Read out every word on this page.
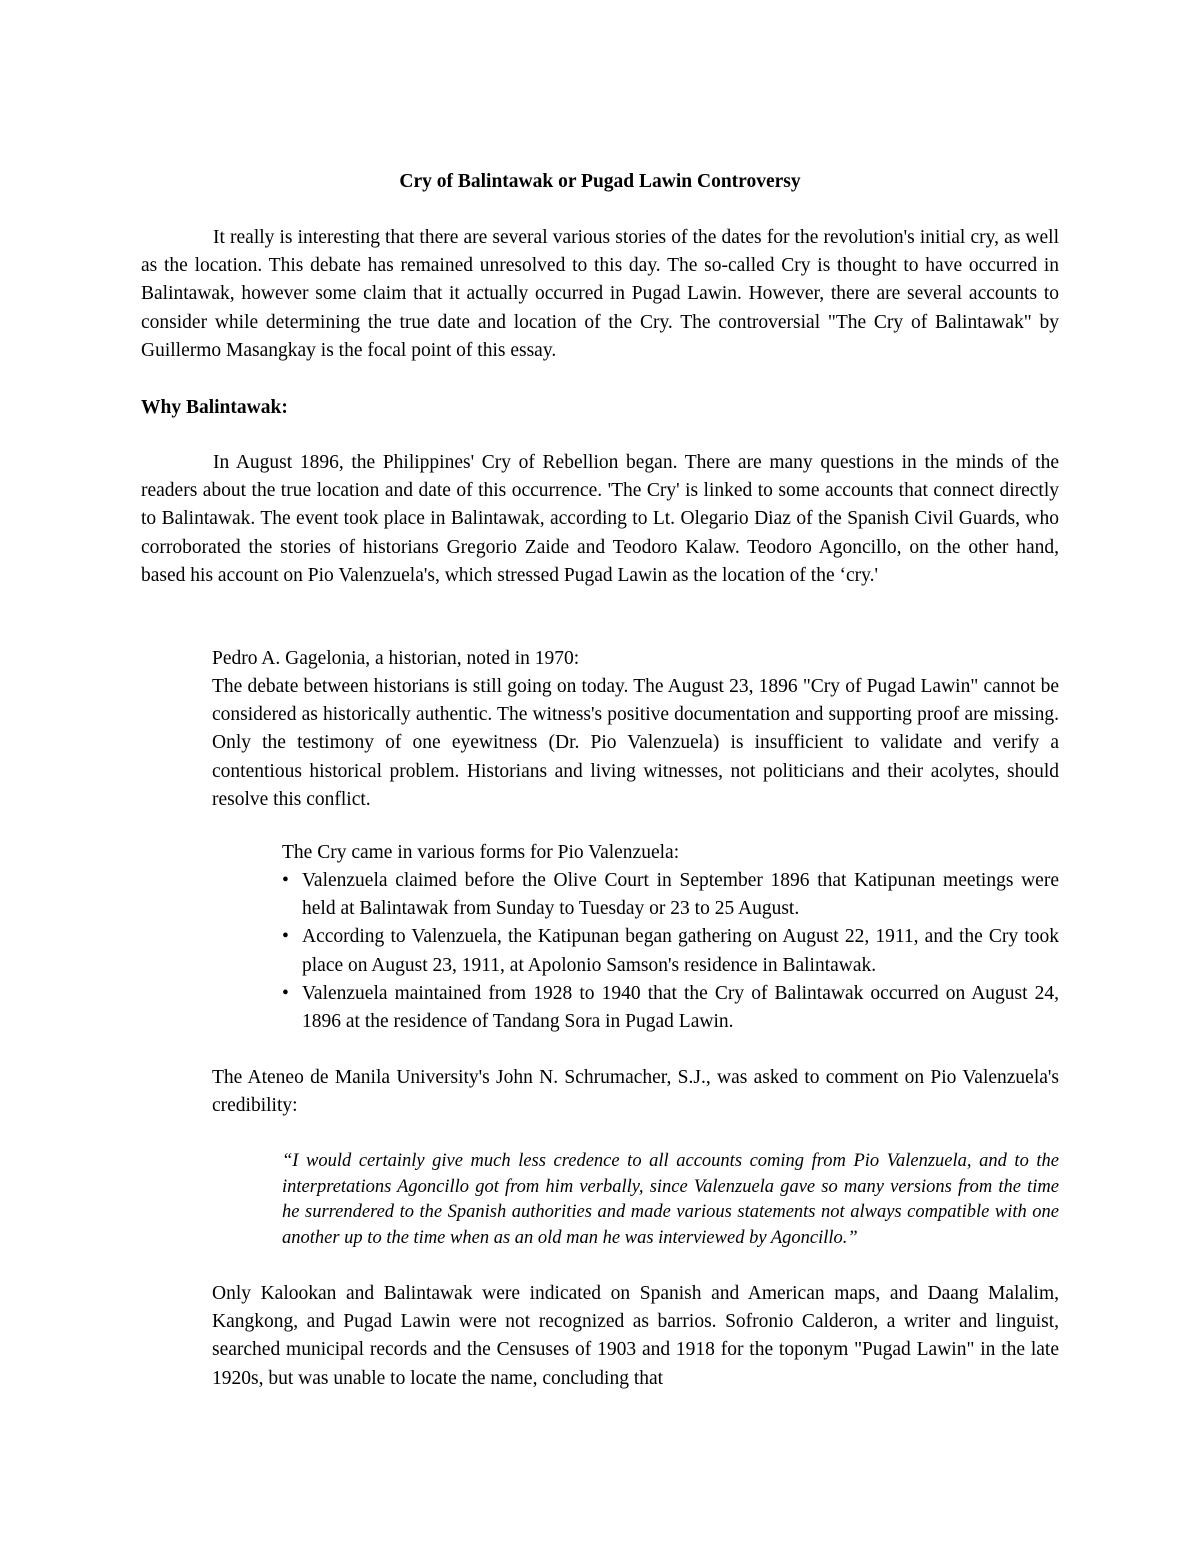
Cry of Balintawak or Pugad Lawin Controversy

It really is interesting that there are several various stories of the dates for the revolution's initial cry, as well as the location. This debate has remained unresolved to this day. The so-called Cry is thought to have occurred in Balintawak, however some claim that it actually occurred in Pugad Lawin. However, there are several accounts to consider while determining the true date and location of the Cry. The controversial "The Cry of Balintawak" by Guillermo Masangkay is the focal point of this essay.

Why Balintawak:

In August 1896, the Philippines' Cry of Rebellion began. There are many questions in the minds of the readers about the true location and date of this occurrence. 'The Cry' is linked to some accounts that connect directly to Balintawak. The event took place in Balintawak, according to Lt. Olegario Diaz of the Spanish Civil Guards, who corroborated the stories of historians Gregorio Zaide and Teodoro Kalaw. Teodoro Agoncillo, on the other hand, based his account on Pio Valenzuela's, which stressed Pugad Lawin as the location of the ‘cry.'

Pedro A. Gagelonia, a historian, noted in 1970:

The debate between historians is still going on today. The August 23, 1896 "Cry of Pugad Lawin" cannot be considered as historically authentic. The witness's positive documentation and supporting proof are missing. Only the testimony of one eyewitness (Dr. Pio Valenzuela) is insufficient to validate and verify a contentious historical problem. Historians and living witnesses, not politicians and their acolytes, should resolve this conflict.

The Cry came in various forms for Pio Valenzuela:

• Valenzuela claimed before the Olive Court in September 1896 that Katipunan meetings were held at Balintawak from Sunday to Tuesday or 23 to 25 August.
• According to Valenzuela, the Katipunan began gathering on August 22, 1911, and the Cry took place on August 23, 1911, at Apolonio Samson's residence in Balintawak.
• Valenzuela maintained from 1928 to 1940 that the Cry of Balintawak occurred on August 24, 1896 at the residence of Tandang Sora in Pugad Lawin.

The Ateneo de Manila University's John N. Schrumacher, S.J., was asked to comment on Pio Valenzuela's credibility:

“I would certainly give much less credence to all accounts coming from Pio Valenzuela, and to the interpretations Agoncillo got from him verbally, since Valenzuela gave so many versions from the time he surrendered to the Spanish authorities and made various statements not always compatible with one another up to the time when as an old man he was interviewed by Agoncillo.”

Only Kalookan and Balintawak were indicated on Spanish and American maps, and Daang Malalim, Kangkong, and Pugad Lawin were not recognized as barrios. Sofronio Calderon, a writer and linguist, searched municipal records and the Censuses of 1903 and 1918 for the toponym "Pugad Lawin" in the late 1920s, but was unable to locate the name, concluding that
